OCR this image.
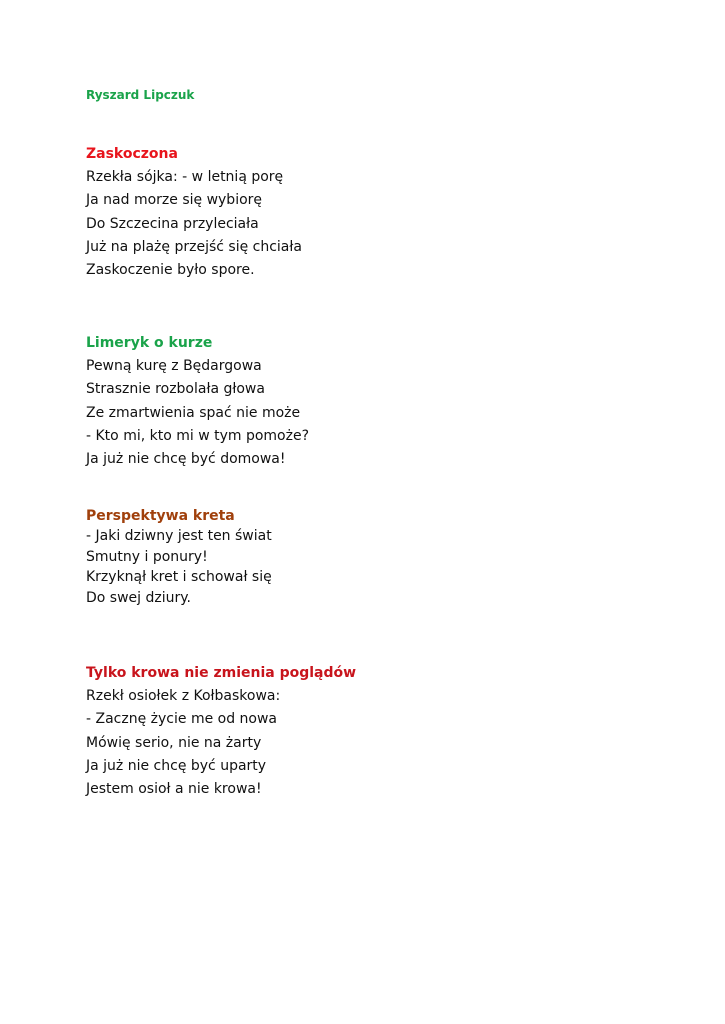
Ryszard Lipczuk

Zaskoczona
Rzekła sójka: - w letnią porę
Ja nad morze się wybiorę
Do Szczecina przyleciała
Już na plażę przejść się chciała
Zaskoczenie było spore.
Limeryk o kurze
Pewną kurę z Będargowa
Strasznie rozbolała głowa
Ze zmartwienia spać nie może
- Kto mi, kto mi w tym pomoże?
Ja już nie chcę być domowa!
Perspektywa kreta
- Jaki dziwny jest ten świat
Smutny i ponury!
Krzyknął kret i schował się
Do swej dziury.
Tylko krowa nie zmienia poglądów
Rzekł osiołek z Kołbaskowa:
- Zacznę życie me od nowa
Mówię serio, nie na żarty
Ja już nie chcę być uparty
Jestem osioł a nie krowa!
